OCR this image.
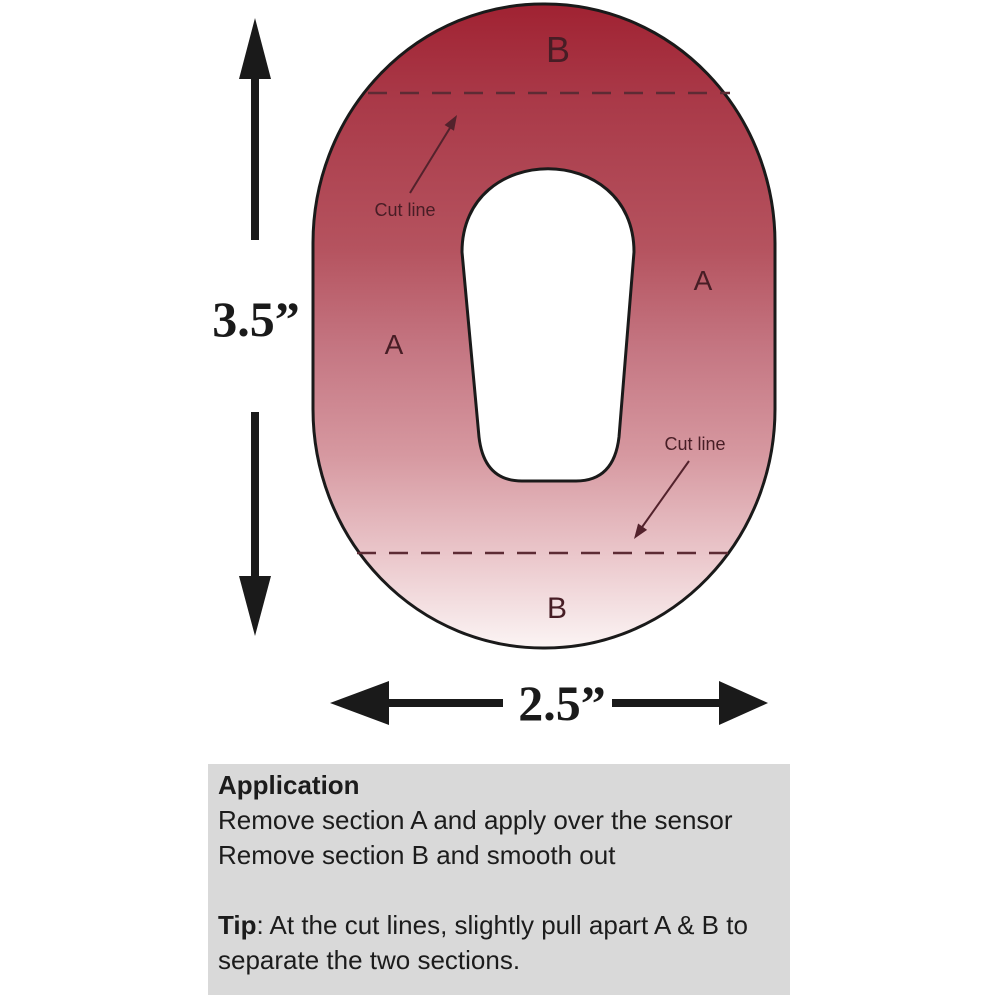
B
A
A
B
Cut line
Cut line
3.5”
2.5”
Application
Remove section A and apply over the sensor
Remove section B and smooth out
Tip: At the cut lines, slightly pull apart A & B to
separate the two sections.
